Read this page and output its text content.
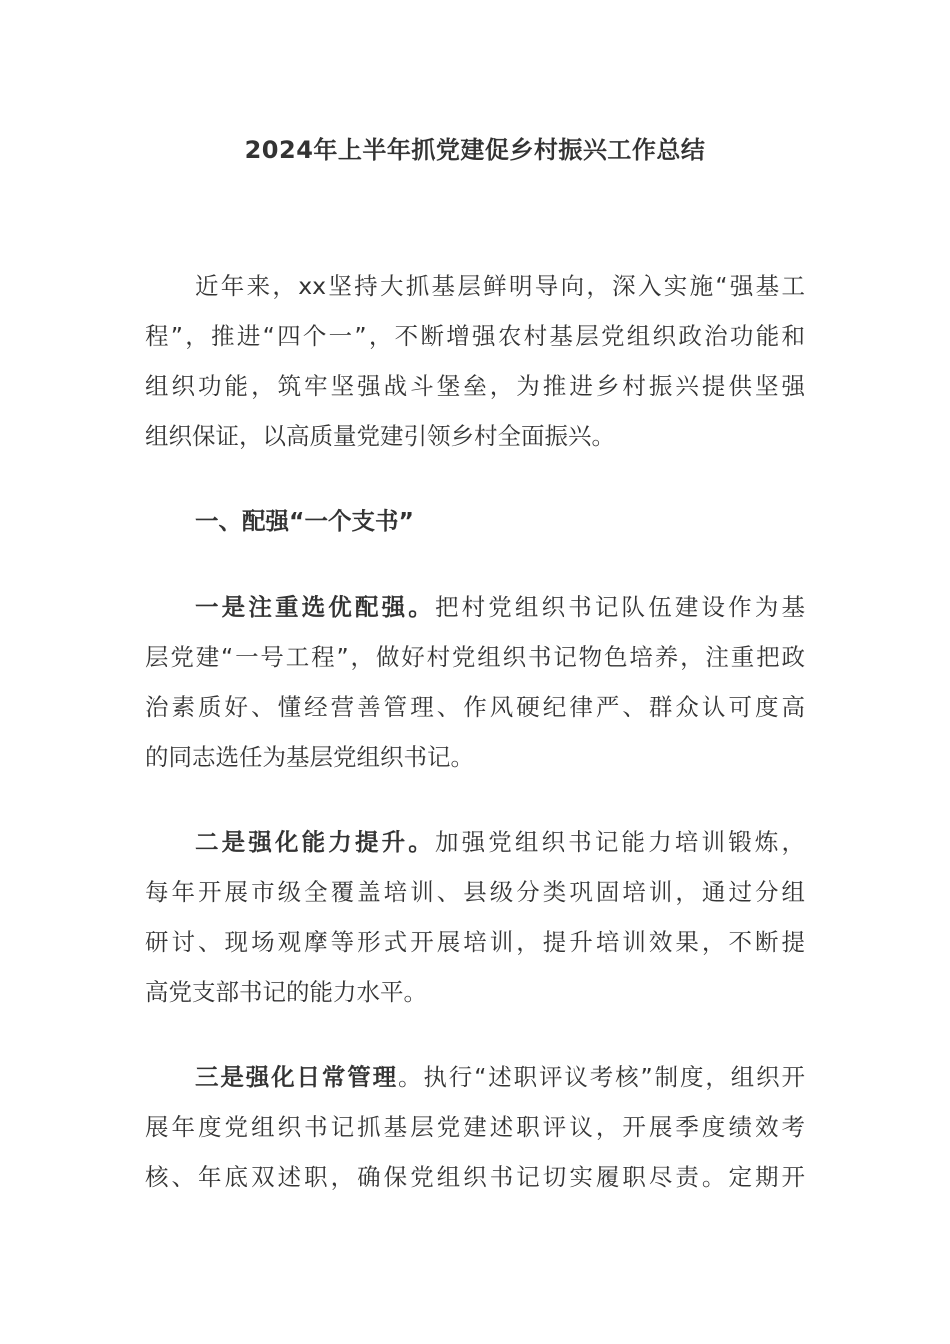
2024年上半年抓党建促乡村振兴工作总结
近年来，xx坚持大抓基层鲜明导向，深入实施“强基工
程”，推进“四个一”，不断增强农村基层党组织政治功能和
组织功能，筑牢坚强战斗堡垒，为推进乡村振兴提供坚强
组织保证，以高质量党建引领乡村全面振兴。
一、配强“一个支书”
一是注重选优配强。把村党组织书记队伍建设作为基
层党建“一号工程”，做好村党组织书记物色培养，注重把政
治素质好、懂经营善管理、作风硬纪律严、群众认可度高
的同志选任为基层党组织书记。
二是强化能力提升。加强党组织书记能力培训锻炼，
每年开展市级全覆盖培训、县级分类巩固培训，通过分组
研讨、现场观摩等形式开展培训，提升培训效果，不断提
高党支部书记的能力水平。
三是强化日常管理。执行“述职评议考核”制度，组织开
展年度党组织书记抓基层党建述职评议，开展季度绩效考
核、年底双述职，确保党组织书记切实履职尽责。定期开
